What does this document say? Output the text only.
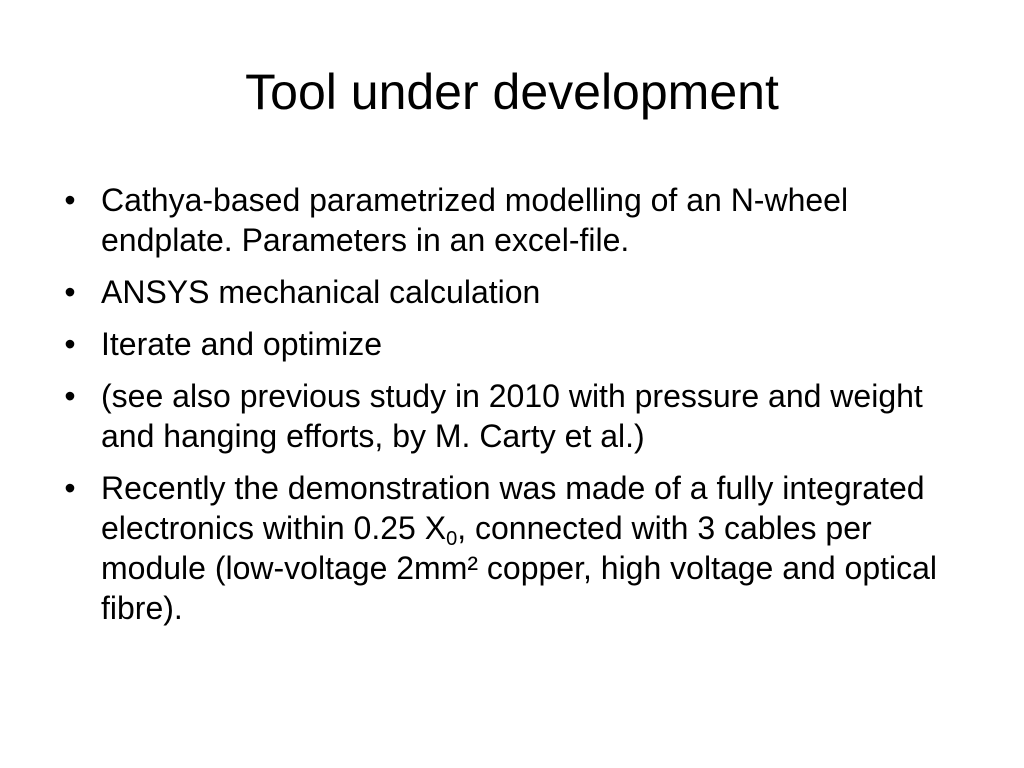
Tool under development
• Cathya-based parametrized modelling of an N-wheel endplate. Parameters in an excel-file.
• ANSYS mechanical calculation
• Iterate and optimize
• (see also previous study in 2010 with pressure and weight and hanging efforts, by M. Carty et al.)
• Recently the demonstration was made of a fully integrated electronics within 0.25 $X_0$, connected with 3 cables per module (low-voltage 2mm² copper, high voltage and optical fibre).
